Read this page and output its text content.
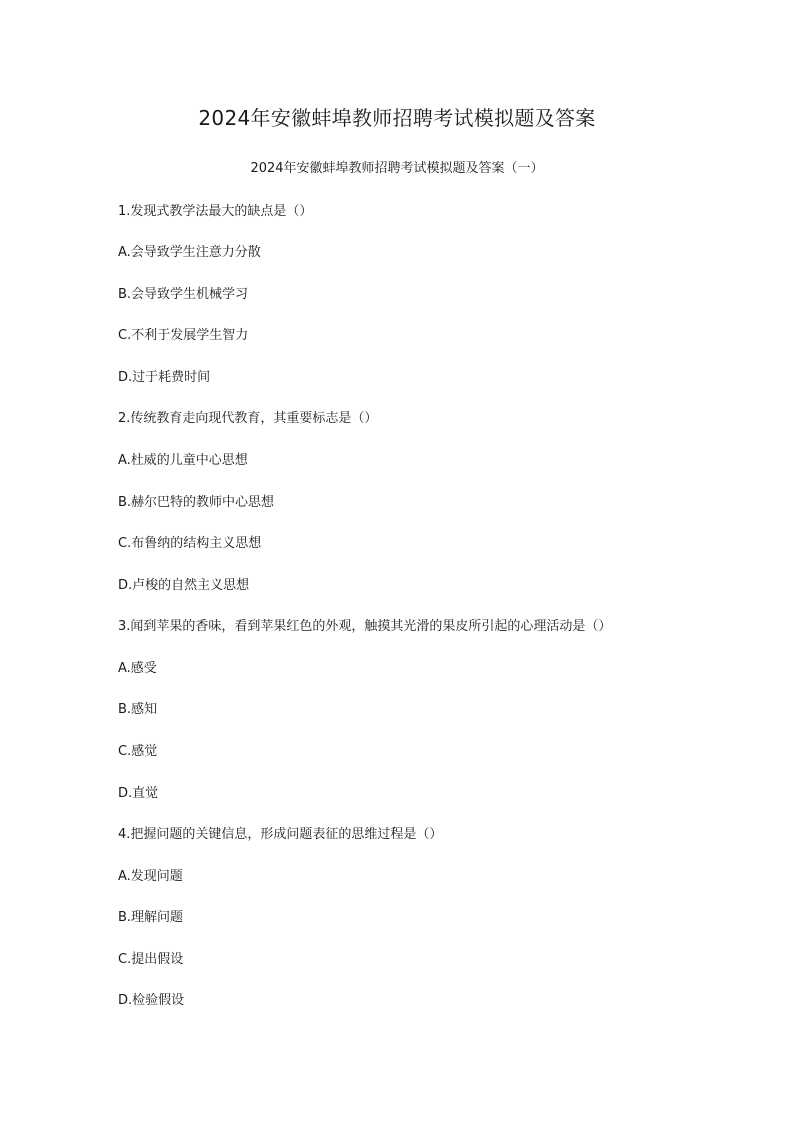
2024年安徽蚌埠教师招聘考试模拟题及答案
2024年安徽蚌埠教师招聘考试模拟题及答案（一）
1.发现式教学法最大的缺点是（）
A.会导致学生注意力分散
B.会导致学生机械学习
C.不利于发展学生智力
D.过于耗费时间
2.传统教育走向现代教育，其重要标志是（）
A.杜威的儿童中心思想
B.赫尔巴特的教师中心思想
C.布鲁纳的结构主义思想
D.卢梭的自然主义思想
3.闻到苹果的香味，看到苹果红色的外观，触摸其光滑的果皮所引起的心理活动是（）
A.感受
B.感知
C.感觉
D.直觉
4.把握问题的关键信息，形成问题表征的思维过程是（）
A.发现问题
B.理解问题
C.提出假设
D.检验假设
